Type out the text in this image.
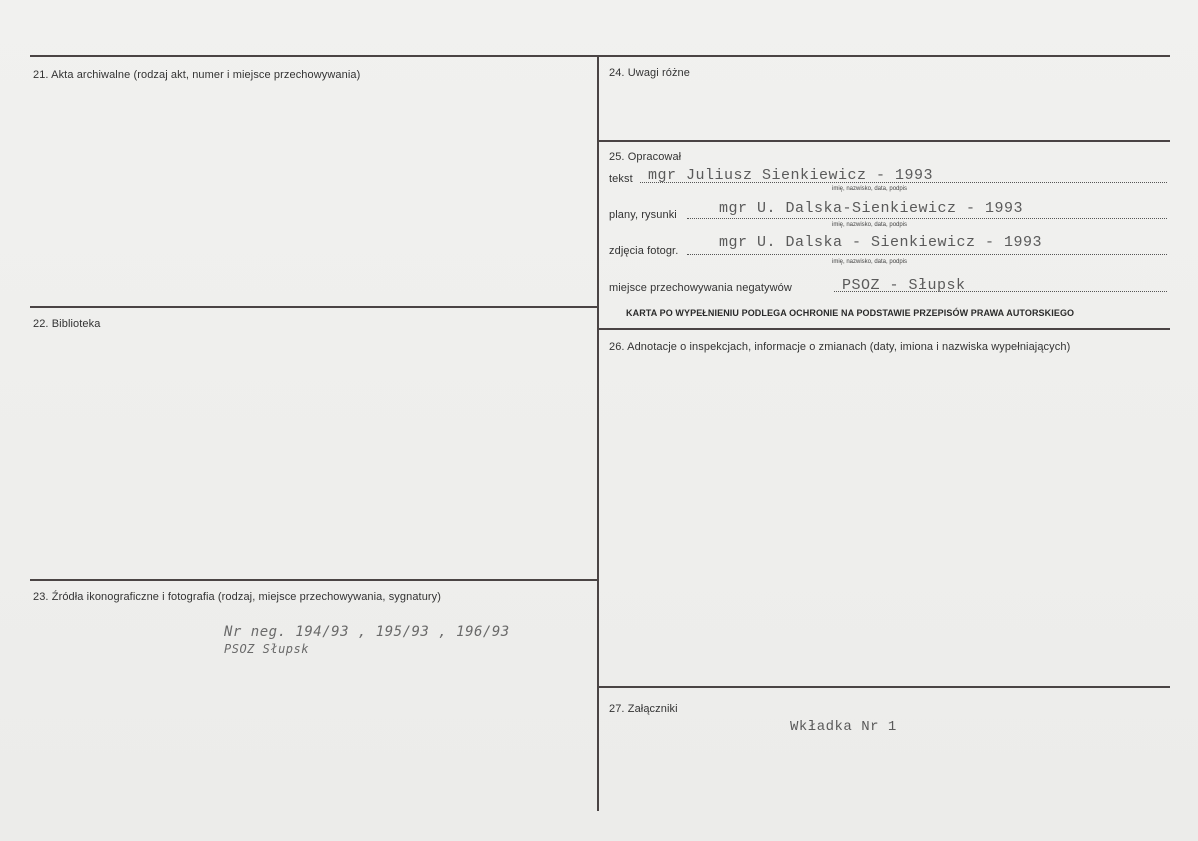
21. Akta archiwalne (rodzaj akt, numer i miejsce przechowywania)
22. Biblioteka
23. Źródła ikonograficzne i fotografia (rodzaj, miejsce przechowywania, sygnatury)
Nr neg. 194/93 , 195/93 , 196/93
PSOZ Słupsk
24. Uwagi różne
25. Opracował
tekst mgr Juliusz Sienkiewicz - 1993
imię, nazwisko, data, podpis
plany, rysunki	mgr U. Dalska-Sienkiewicz - 1993
imię, nazwisko, data, podpis
zdjęcia fotogr.	mgr U. Dalska - Sienkiewicz - 1993
imię, nazwisko, data, podpis
miejsce przechowywania negatywów	PSOZ - Słupsk
KARTA PO WYPEŁNIENIU PODLEGA OCHRONIE NA PODSTAWIE PRZEPISÓW PRAWA AUTORSKIEGO
26. Adnotacje o inspekcjach, informacje o zmianach (daty, imiona i nazwiska wypełniających)
27. Załączniki
Wkładka Nr 1
